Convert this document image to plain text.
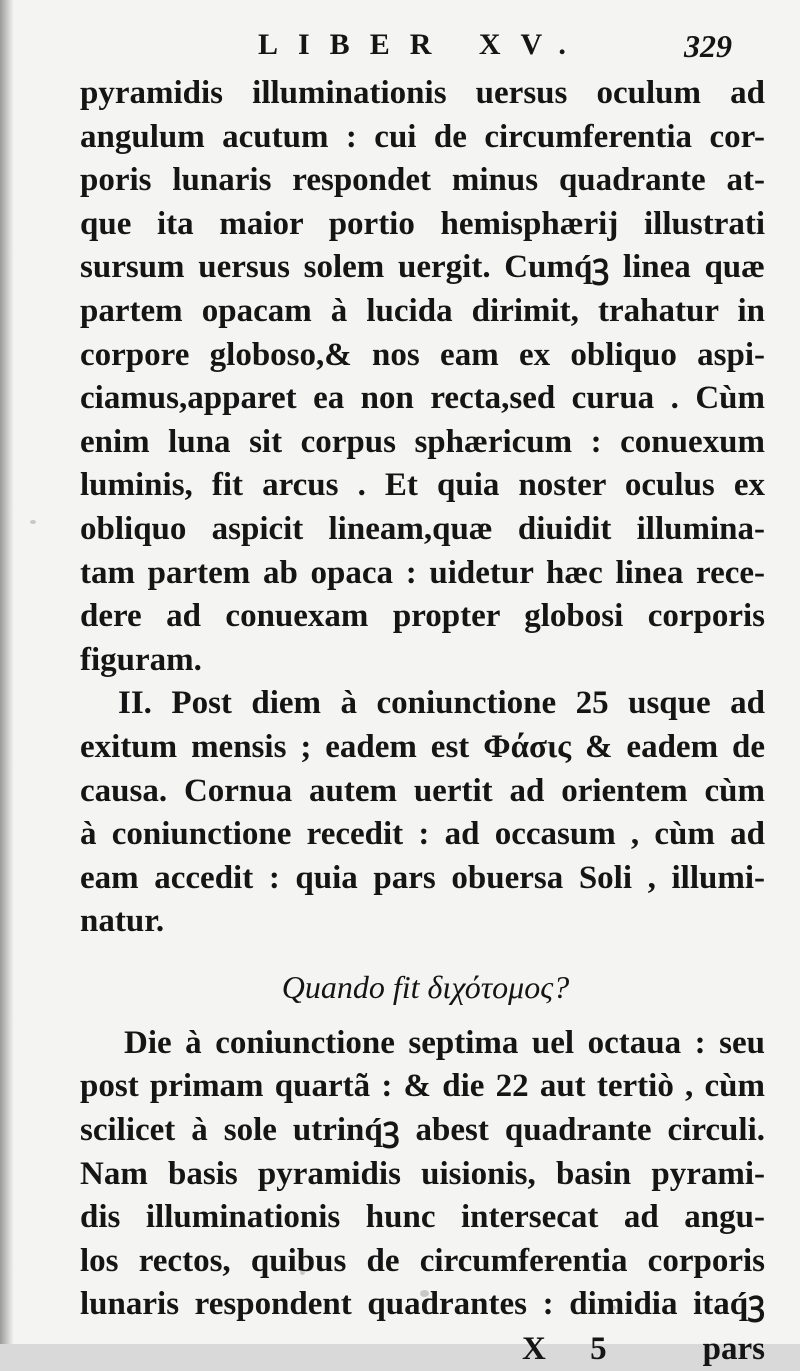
LIBER XV.	329
pyramidis illuminationis uersus oculum ad
angulum acutum : cui de circumferentia cor-
poris lunaris respondet minus quadrante at-
que ita maior portio hemisphærij illustrati
sursum uersus solem uergit. Cumq́ꝫ linea quæ
partem opacam à lucida dirimit, trahatur in
corpore globoso,& nos eam ex obliquo aspi-
ciamus,apparet ea non recta,sed curua . Cùm
enim luna sit corpus sphæricum : conuexum
luminis, fit arcus . Et quia noster oculus ex
obliquo aspicit lineam,quæ diuidit illumina-
tam partem ab opaca : uidetur hæc linea rece-
dere ad conuexam propter globosi corporis
figuram.
II. Post diem à coniunctione 25 usque ad
exitum mensis ; eadem est Φάσις & eadem de
causa. Cornua autem uertit ad orientem cùm
à coniunctione recedit : ad occasum , cùm ad
eam accedit : quia pars obuersa Soli , illumi-
natur.
Quando fit διχότομος?
Die à coniunctione septima uel octaua : seu
post primam quartã : & die 22 aut tertiò , cùm
scilicet à sole utrinq́ꝫ abest quadrante circuli.
Nam basis pyramidis uisionis, basin pyrami-
dis illuminationis hunc intersecat ad angu-
los rectos, quibus de circumferentia corporis
lunaris respondent quadrantes : dimidia itaq́ꝫ
X 5 pars
